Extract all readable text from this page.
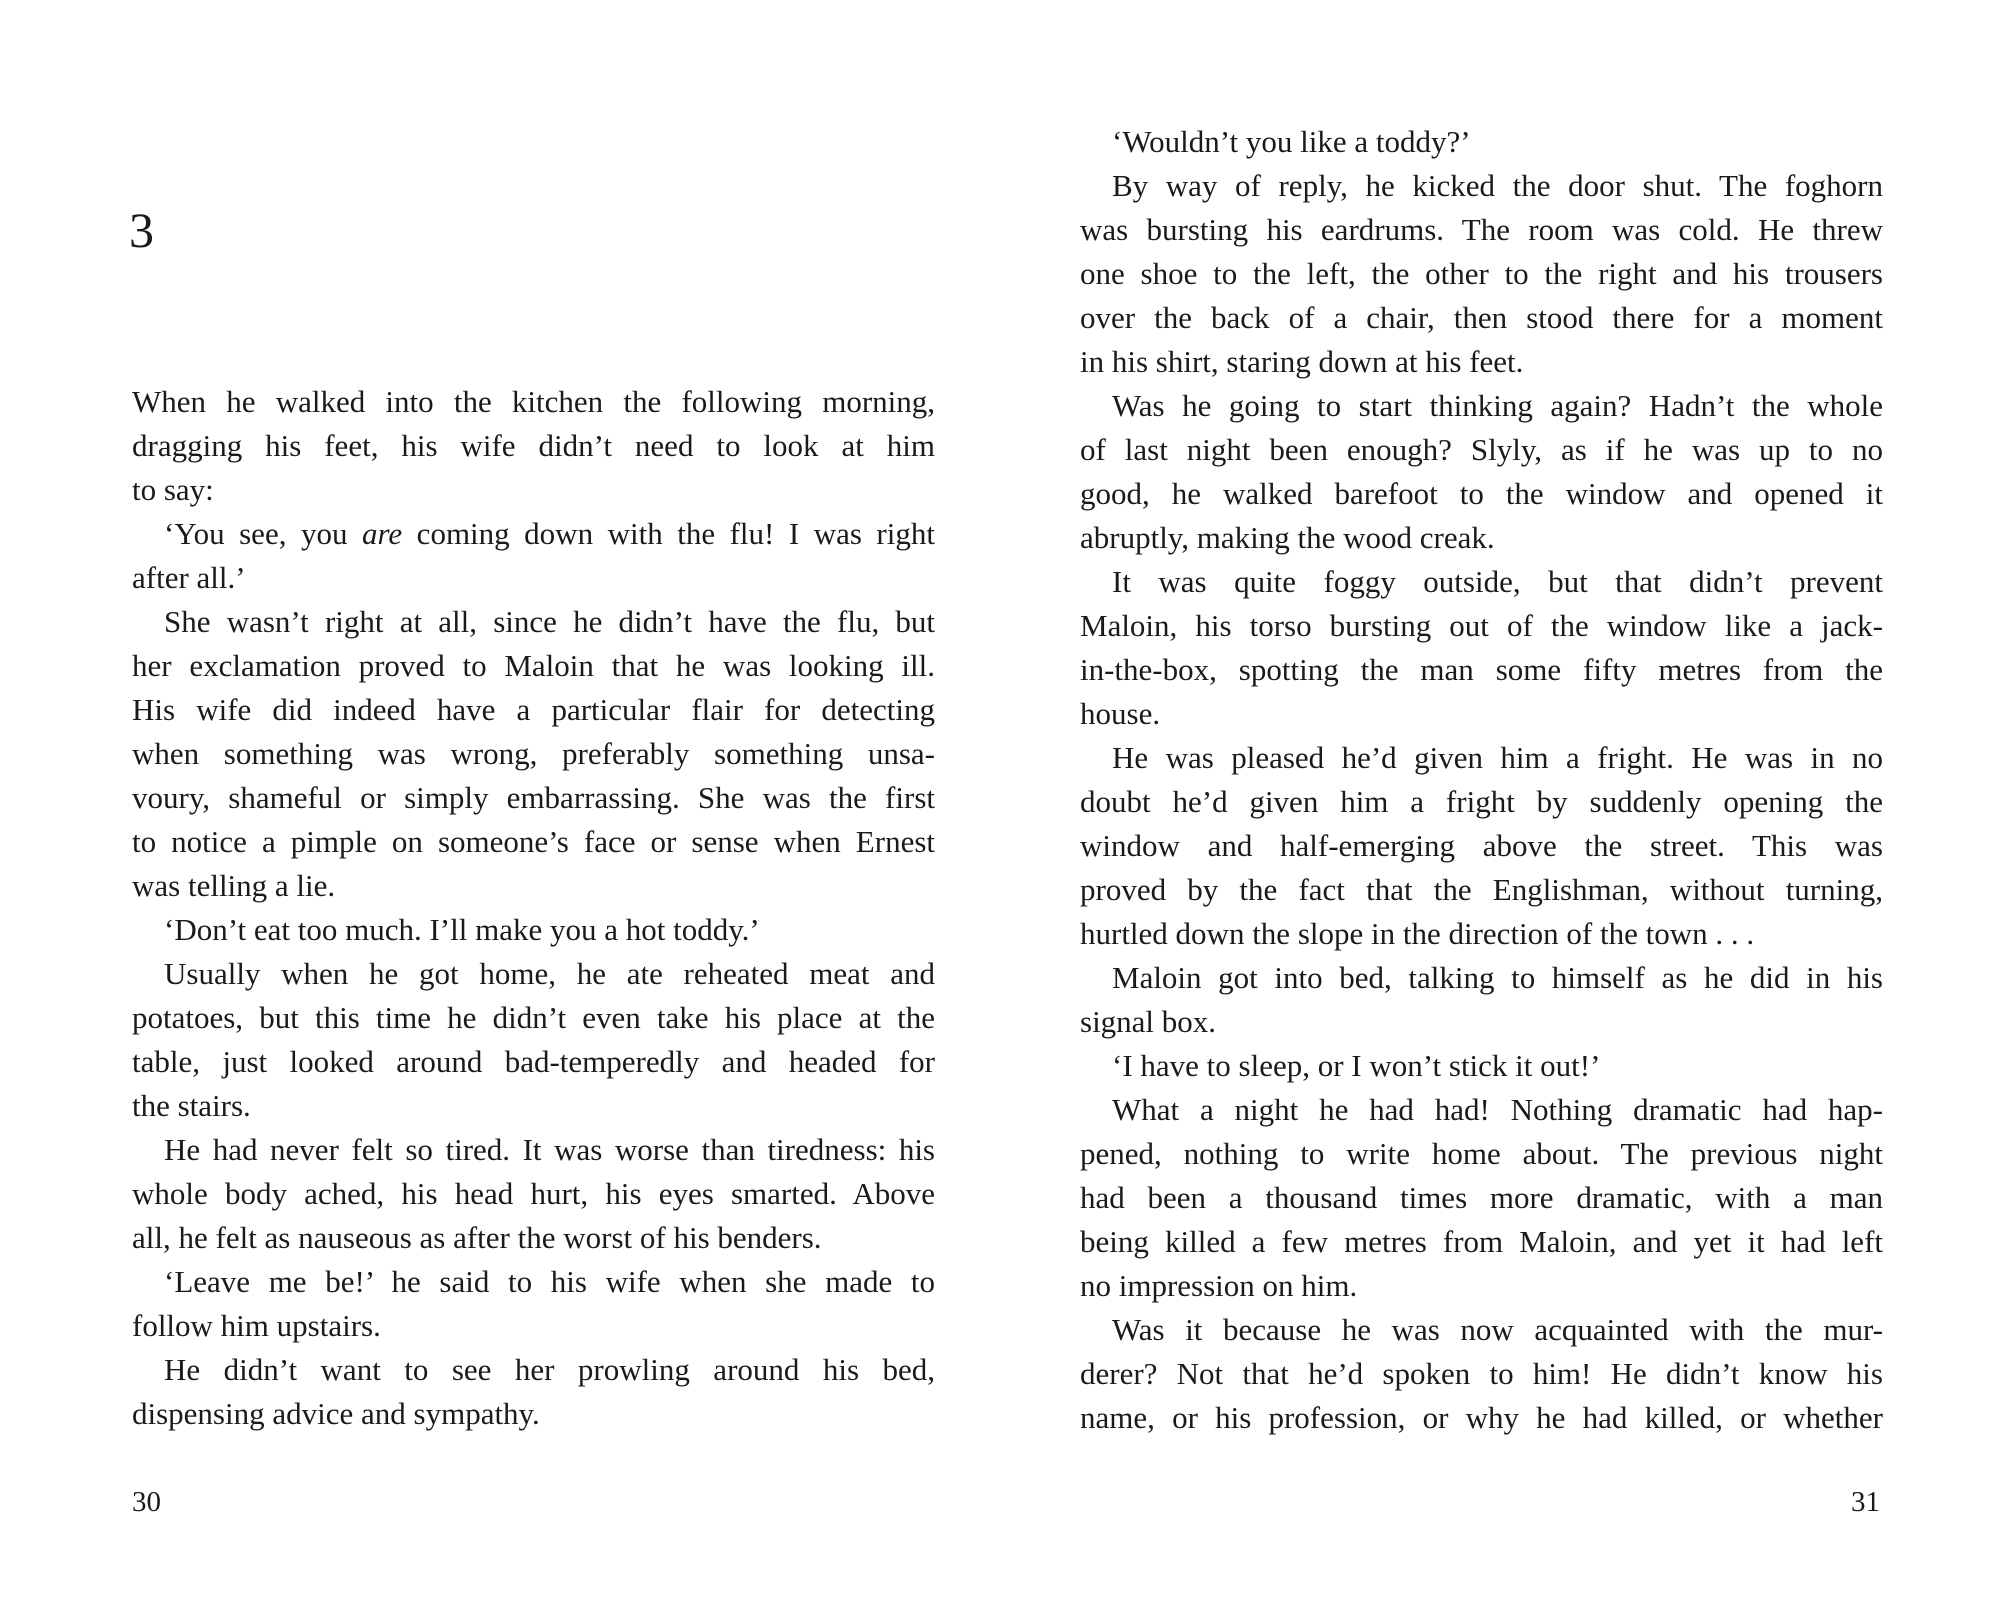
3
When he walked into the kitchen the following morning,
dragging his feet, his wife didn’t need to look at him
to say:
‘You see, you are coming down with the flu! I was right
after all.’
She wasn’t right at all, since he didn’t have the flu, but
her exclamation proved to Maloin that he was looking ill.
His wife did indeed have a particular flair for detecting
when something was wrong, preferably something unsa-
voury, shameful or simply embarrassing. She was the first
to notice a pimple on someone’s face or sense when Ernest
was telling a lie.
‘Don’t eat too much. I’ll make you a hot toddy.’
Usually when he got home, he ate reheated meat and
potatoes, but this time he didn’t even take his place at the
table, just looked around bad-temperedly and headed for
the stairs.
He had never felt so tired. It was worse than tiredness: his
whole body ached, his head hurt, his eyes smarted. Above
all, he felt as nauseous as after the worst of his benders.
‘Leave me be!’ he said to his wife when she made to
follow him upstairs.
He didn’t want to see her prowling around his bed,
dispensing advice and sympathy.

30

‘Wouldn’t you like a toddy?’
By way of reply, he kicked the door shut. The foghorn
was bursting his eardrums. The room was cold. He threw
one shoe to the left, the other to the right and his trousers
over the back of a chair, then stood there for a moment
in his shirt, staring down at his feet.
Was he going to start thinking again? Hadn’t the whole
of last night been enough? Slyly, as if he was up to no
good, he walked barefoot to the window and opened it
abruptly, making the wood creak.
It was quite foggy outside, but that didn’t prevent
Maloin, his torso bursting out of the window like a jack-
in-the-box, spotting the man some fifty metres from the
house.
He was pleased he’d given him a fright. He was in no
doubt he’d given him a fright by suddenly opening the
window and half-emerging above the street. This was
proved by the fact that the Englishman, without turning,
hurtled down the slope in the direction of the town . . .
Maloin got into bed, talking to himself as he did in his
signal box.
‘I have to sleep, or I won’t stick it out!’
What a night he had had! Nothing dramatic had hap-
pened, nothing to write home about. The previous night
had been a thousand times more dramatic, with a man
being killed a few metres from Maloin, and yet it had left
no impression on him.
Was it because he was now acquainted with the mur-
derer? Not that he’d spoken to him! He didn’t know his
name, or his profession, or why he had killed, or whether

31
